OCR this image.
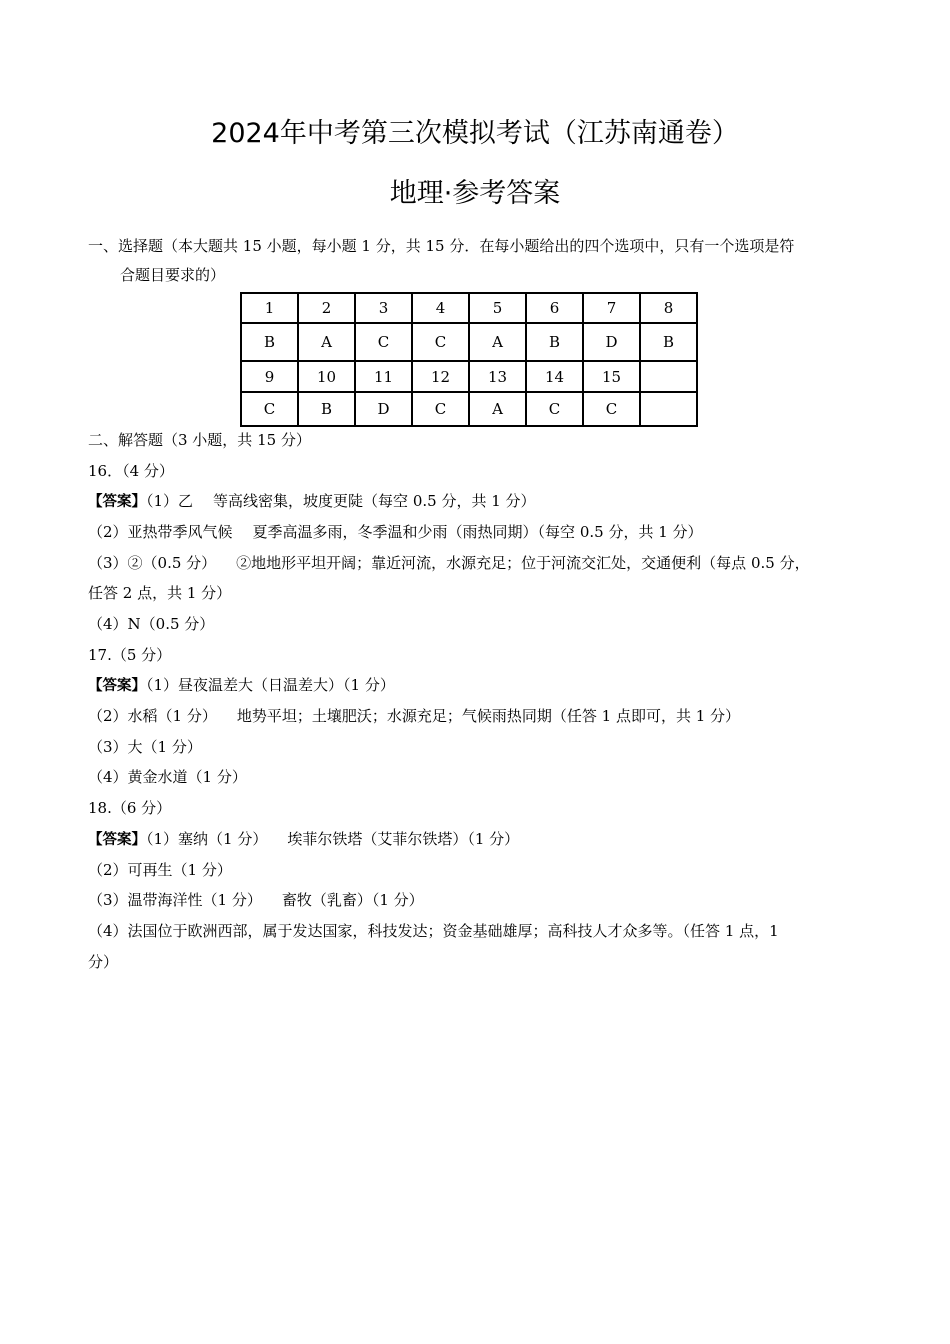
2024年中考第三次模拟考试（江苏南通卷）
地理·参考答案
一、选择题（本大题共 15 小题，每小题 1 分，共 15 分．在每小题给出的四个选项中，只有一个选项是符
合题目要求的）
1	2	3	4	5	6	7	8
B	A	C	C	A	B	D	B
9	10	11	12	13	14	15	
C	B	D	C	A	C	C	
二、解答题（3 小题，共 15 分）
16．（4 分）
【答案】（1）乙 等高线密集，坡度更陡（每空 0.5 分，共 1 分）
（2）亚热带季风气候 夏季高温多雨，冬季温和少雨（雨热同期）（每空 0.5 分，共 1 分）
（3）②（0.5 分） ②地地形平坦开阔；靠近河流，水源充足；位于河流交汇处，交通便利（每点 0.5 分，
任答 2 点，共 1 分）
（4）N（0.5 分）
17.（5 分）
【答案】（1）昼夜温差大（日温差大）（1 分）
（2）水稻（1 分） 地势平坦；土壤肥沃；水源充足；气候雨热同期（任答 1 点即可，共 1 分）
（3）大（1 分）
（4）黄金水道（1 分）
18.（6 分）
【答案】（1）塞纳（1 分） 埃菲尔铁塔（艾菲尔铁塔）（1 分）
（2）可再生（1 分）
（3）温带海洋性（1 分） 畜牧（乳畜）（1 分）
（4）法国位于欧洲西部，属于发达国家，科技发达；资金基础雄厚；高科技人才众多等。（任答 1 点，1
分）
